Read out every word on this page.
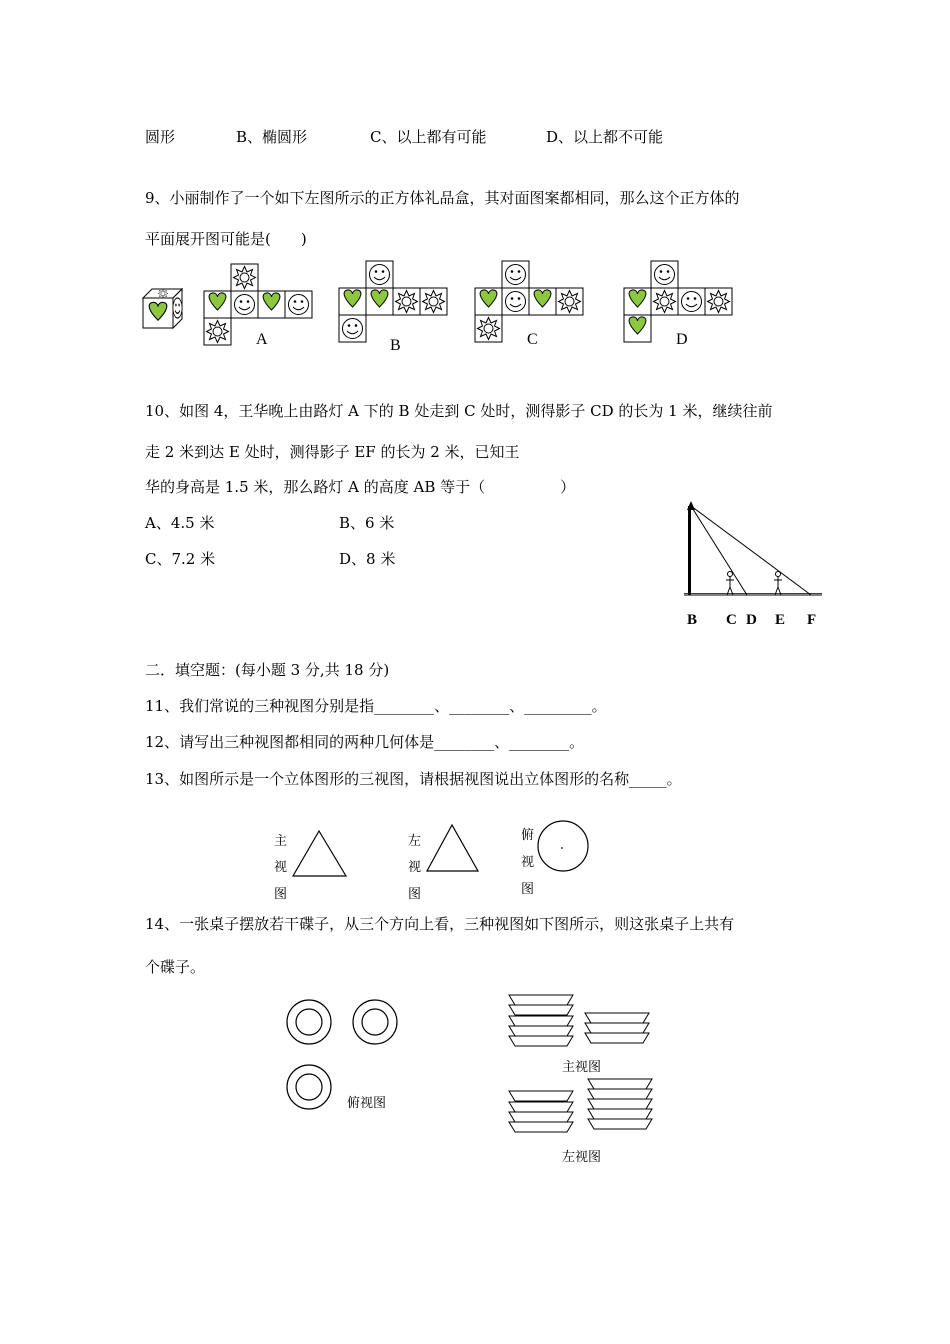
圆形	B、椭圆形	C、以上都有可能	D、以上都不可能
9、小丽制作了一个如下左图所示的正方体礼品盒，其对面图案都相同，那么这个正方体的
平面展开图可能是(　　)
A	B	C	D
10、如图 4，王华晚上由路灯 A 下的 B 处走到 C 处时，测得影子 CD 的长为 1 米，继续往前
走 2 米到达 E 处时，测得影子 EF 的长为 2 米，已知王
华的身高是 1.5 米，那么路灯 A 的高度 AB 等于（　　　　　）
A、4.5 米	B、6 米
C、7.2 米	D、8 米
B C D E F
二．填空题：(每小题 3 分,共 18 分)
11、我们常说的三种视图分别是指________、________、_________。
12、请写出三种视图都相同的两种几何体是________、________。
13、如图所示是一个立体图形的三视图，请根据视图说出立体图形的名称_____。
主
视
图
左
视
图
俯
视
图
14、一张桌子摆放若干碟子，从三个方向上看，三种视图如下图所示，则这张桌子上共有
个碟子。
俯视图
主视图
左视图
